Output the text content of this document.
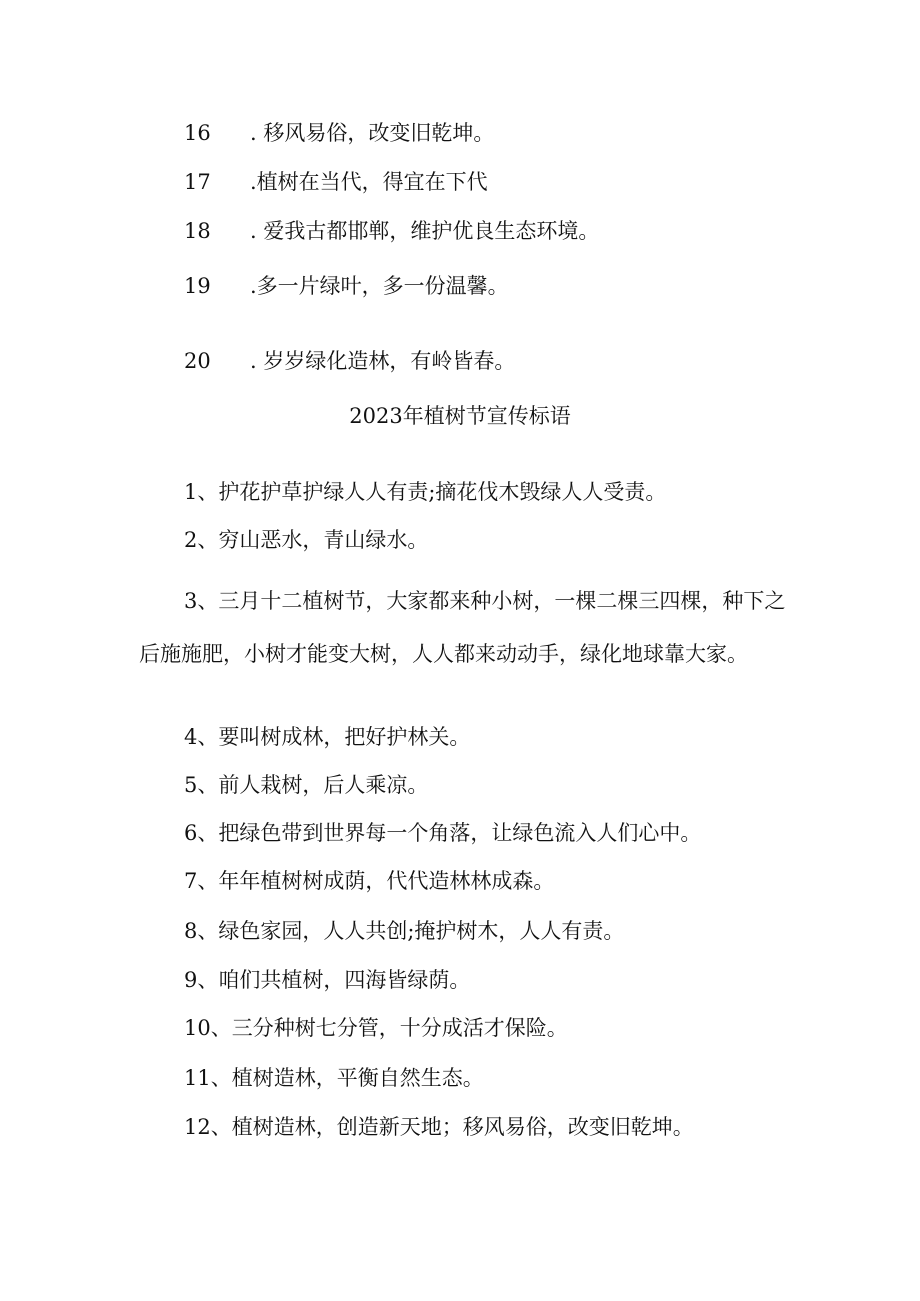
16	. 移风易俗，改变旧乾坤。
17	.植树在当代，得宜在下代
18	. 爱我古都邯郸，维护优良生态环境。
19	.多一片绿叶，多一份温馨。
20	. 岁岁绿化造林，有岭皆春。
2023年植树节宣传标语
1、护花护草护绿人人有责;摘花伐木毁绿人人受责。
2、穷山恶水，青山绿水。
3、三月十二植树节，大家都来种小树，一棵二棵三四棵，种下之后施施肥，小树才能变大树，人人都来动动手，绿化地球靠大家。
4、要叫树成林，把好护林关。
5、前人栽树，后人乘凉。
6、把绿色带到世界每一个角落，让绿色流入人们心中。
7、年年植树树成荫，代代造林林成森。
8、绿色家园，人人共创;掩护树木，人人有责。
9、咱们共植树，四海皆绿荫。
10、三分种树七分管，十分成活才保险。
11、植树造林，平衡自然生态。
12、植树造林，创造新天地；移风易俗，改变旧乾坤。
